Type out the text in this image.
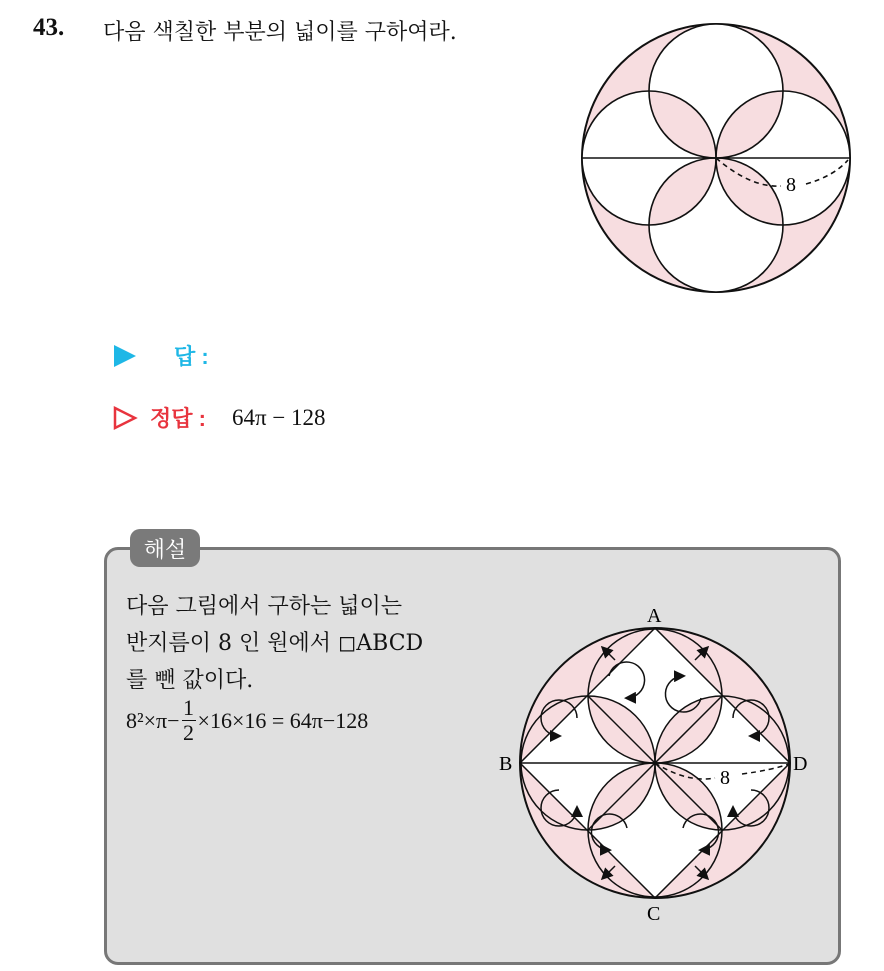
43. 다음 색칠한 부분의 넓이를 구하여라.
8
답 :
정답 : 64π − 128
해설
다음 그림에서 구하는 넓이는
반지름이 8 인 원에서 ◻ABCD
를 뺀 값이다.
$8^2\times\pi- \frac{1}{2} \times 16\times 16 = 64\pi-128$
A
B
C
D
8
